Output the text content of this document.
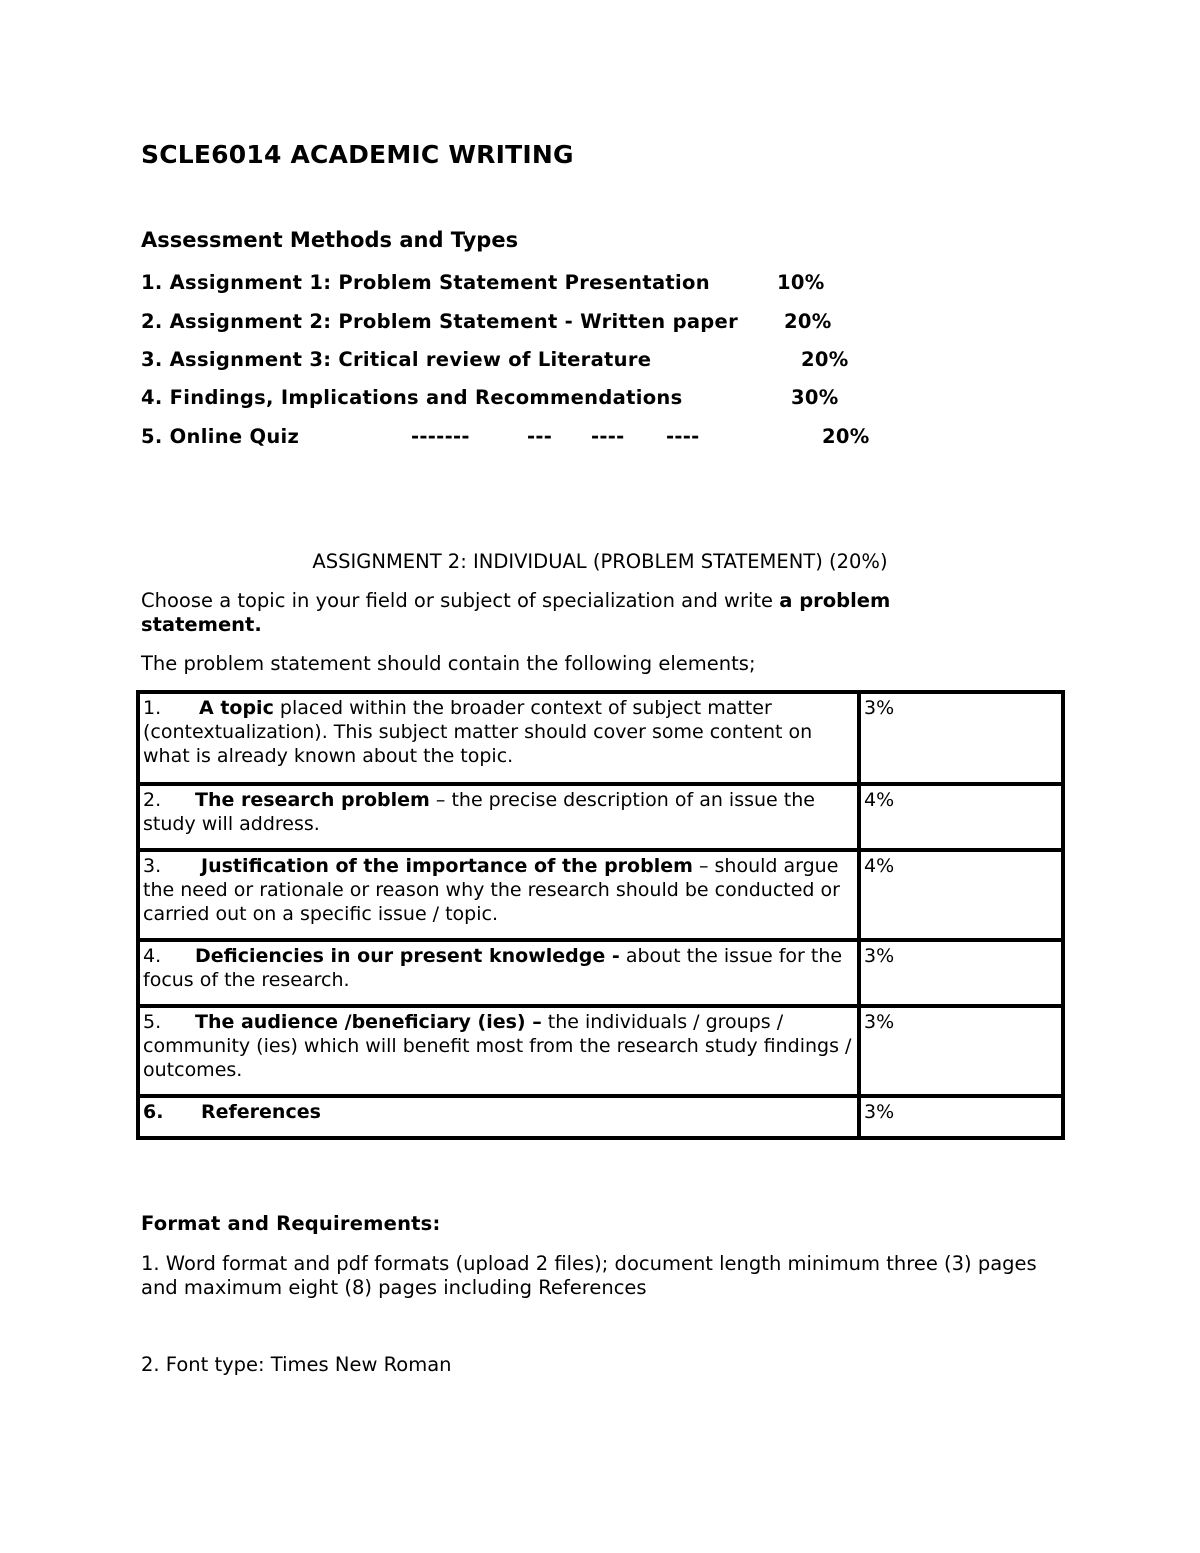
SCLE6014 ACADEMIC WRITING
Assessment Methods and Types
1. Assignment 1: Problem Statement Presentation	10%
2. Assignment 2: Problem Statement - Written paper 20%
3. Assignment 3: Critical review of Literature	20%
4. Findings, Implications and Recommendations	30%
5. Online Quiz	-------	--- ---- ----	20%
ASSIGNMENT 2: INDIVIDUAL (PROBLEM STATEMENT) (20%)
Choose a topic in your field or subject of specialization and write a problem statement.
The problem statement should contain the following elements;
1. A topic placed within the broader context of subject matter (contextualization). This subject matter should cover some content on what is already known about the topic.	3%
2. The research problem – the precise description of an issue the study will address.	4%
3. Justification of the importance of the problem – should argue the need or rationale or reason why the research should be conducted or carried out on a specific issue / topic.	4%
4. Deficiencies in our present knowledge - about the issue for the focus of the research.	3%
5. The audience /beneficiary (ies) – the individuals / groups / community (ies) which will benefit most from the research study findings / outcomes.	3%
6. References	3%
Format and Requirements:
1. Word format and pdf formats (upload 2 files); document length minimum three (3) pages and maximum eight (8) pages including References
2. Font type: Times New Roman
